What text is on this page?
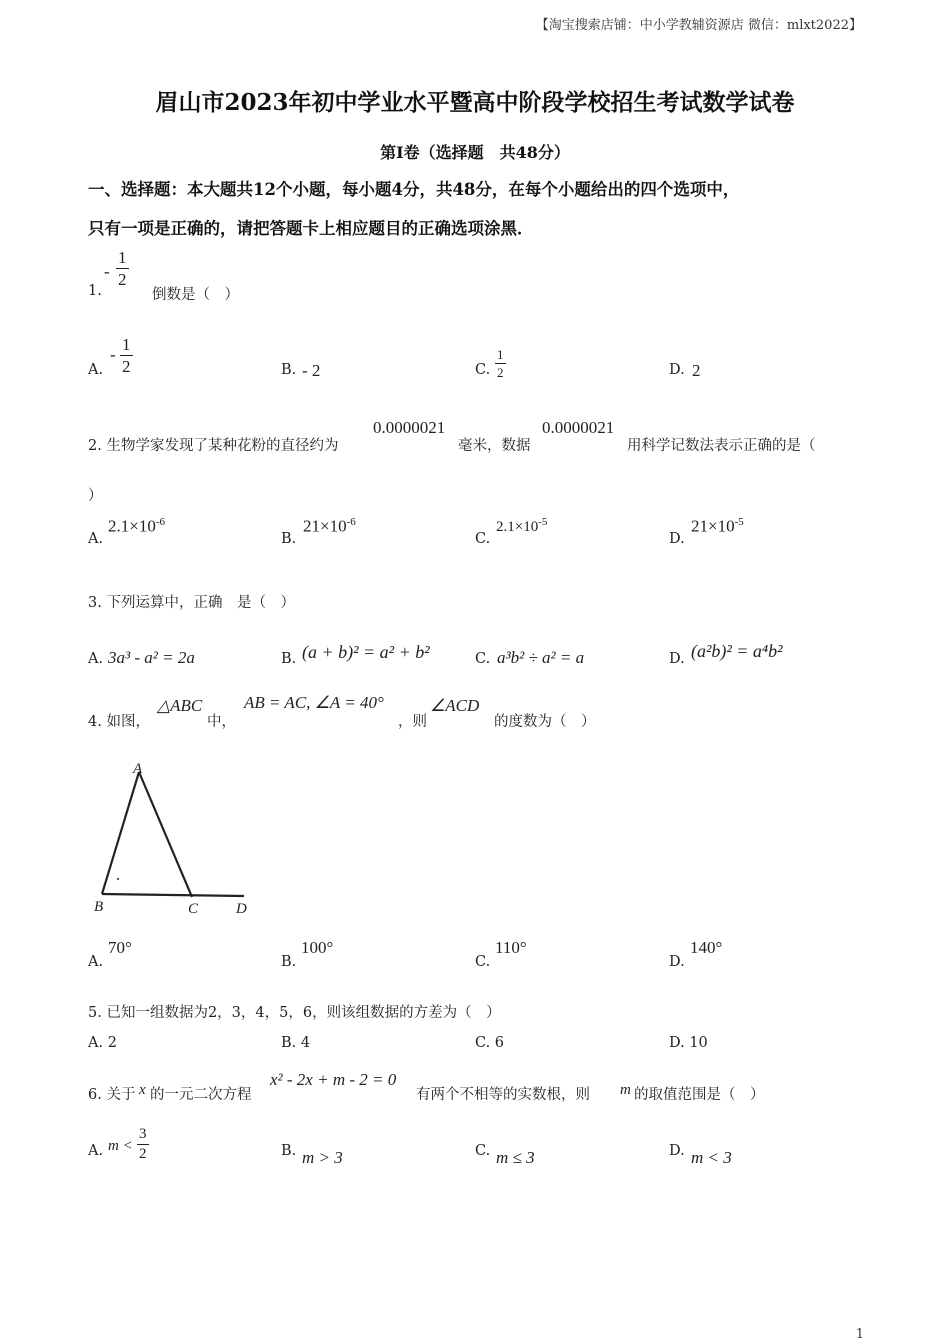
【淘宝搜索店铺：中小学教辅资源店 微信：mlxt2022】
眉山市2023年初中学业水平暨高中阶段学校招生考试数学试卷
第Ⅰ卷（选择题　共48分）
一、选择题：本大题共12个小题，每小题4分，共48分，在每个小题给出的四个选项中，
只有一项是正确的，请把答题卡上相应题目的正确选项涂黑．
1.
- $\frac{1}{2}$
倒数是（　）
A.
- $\frac{1}{2}$	B. - 2	C. $\frac{1}{2}$	D. 2
2. 生物学家发现了某种花粉的直径约为
0.0000021
毫米，数据
0.0000021
用科学记数法表示正确的是（
）
A.
$2.1\times 10^{-6}$
B.
$21\times 10^{-6}$
C.
$2.1\times 10^{-5}$
D.
$21\times 10^{-5}$
3. 下列运算中，正确　是（　）
A. 3a³ - a² = 2a	B. (a + b)² = a² + b²	C. a³b² ÷ a² = a	D. (a²b)² = a⁴b²
4. 如图，
△ABC
中，
AB = AC, ∠A = 40°
，则
∠ACD
的度数为（　）
A
B	C	D
A.
70°
B.
100°
C.
110°
D.
140°
5. 已知一组数据为2，3，4，5，6，则该组数据的方差为（　）
A. 2	B. 4	C. 6	D. 10
6. 关于 x 的一元二次方程
x² - 2x + m - 2 = 0
有两个不相等的实数根，则 m 的取值范围是（　）
A. $m < \frac{3}{2}$	B. m > 3	C. m ≤ 3	D. m < 3
1
